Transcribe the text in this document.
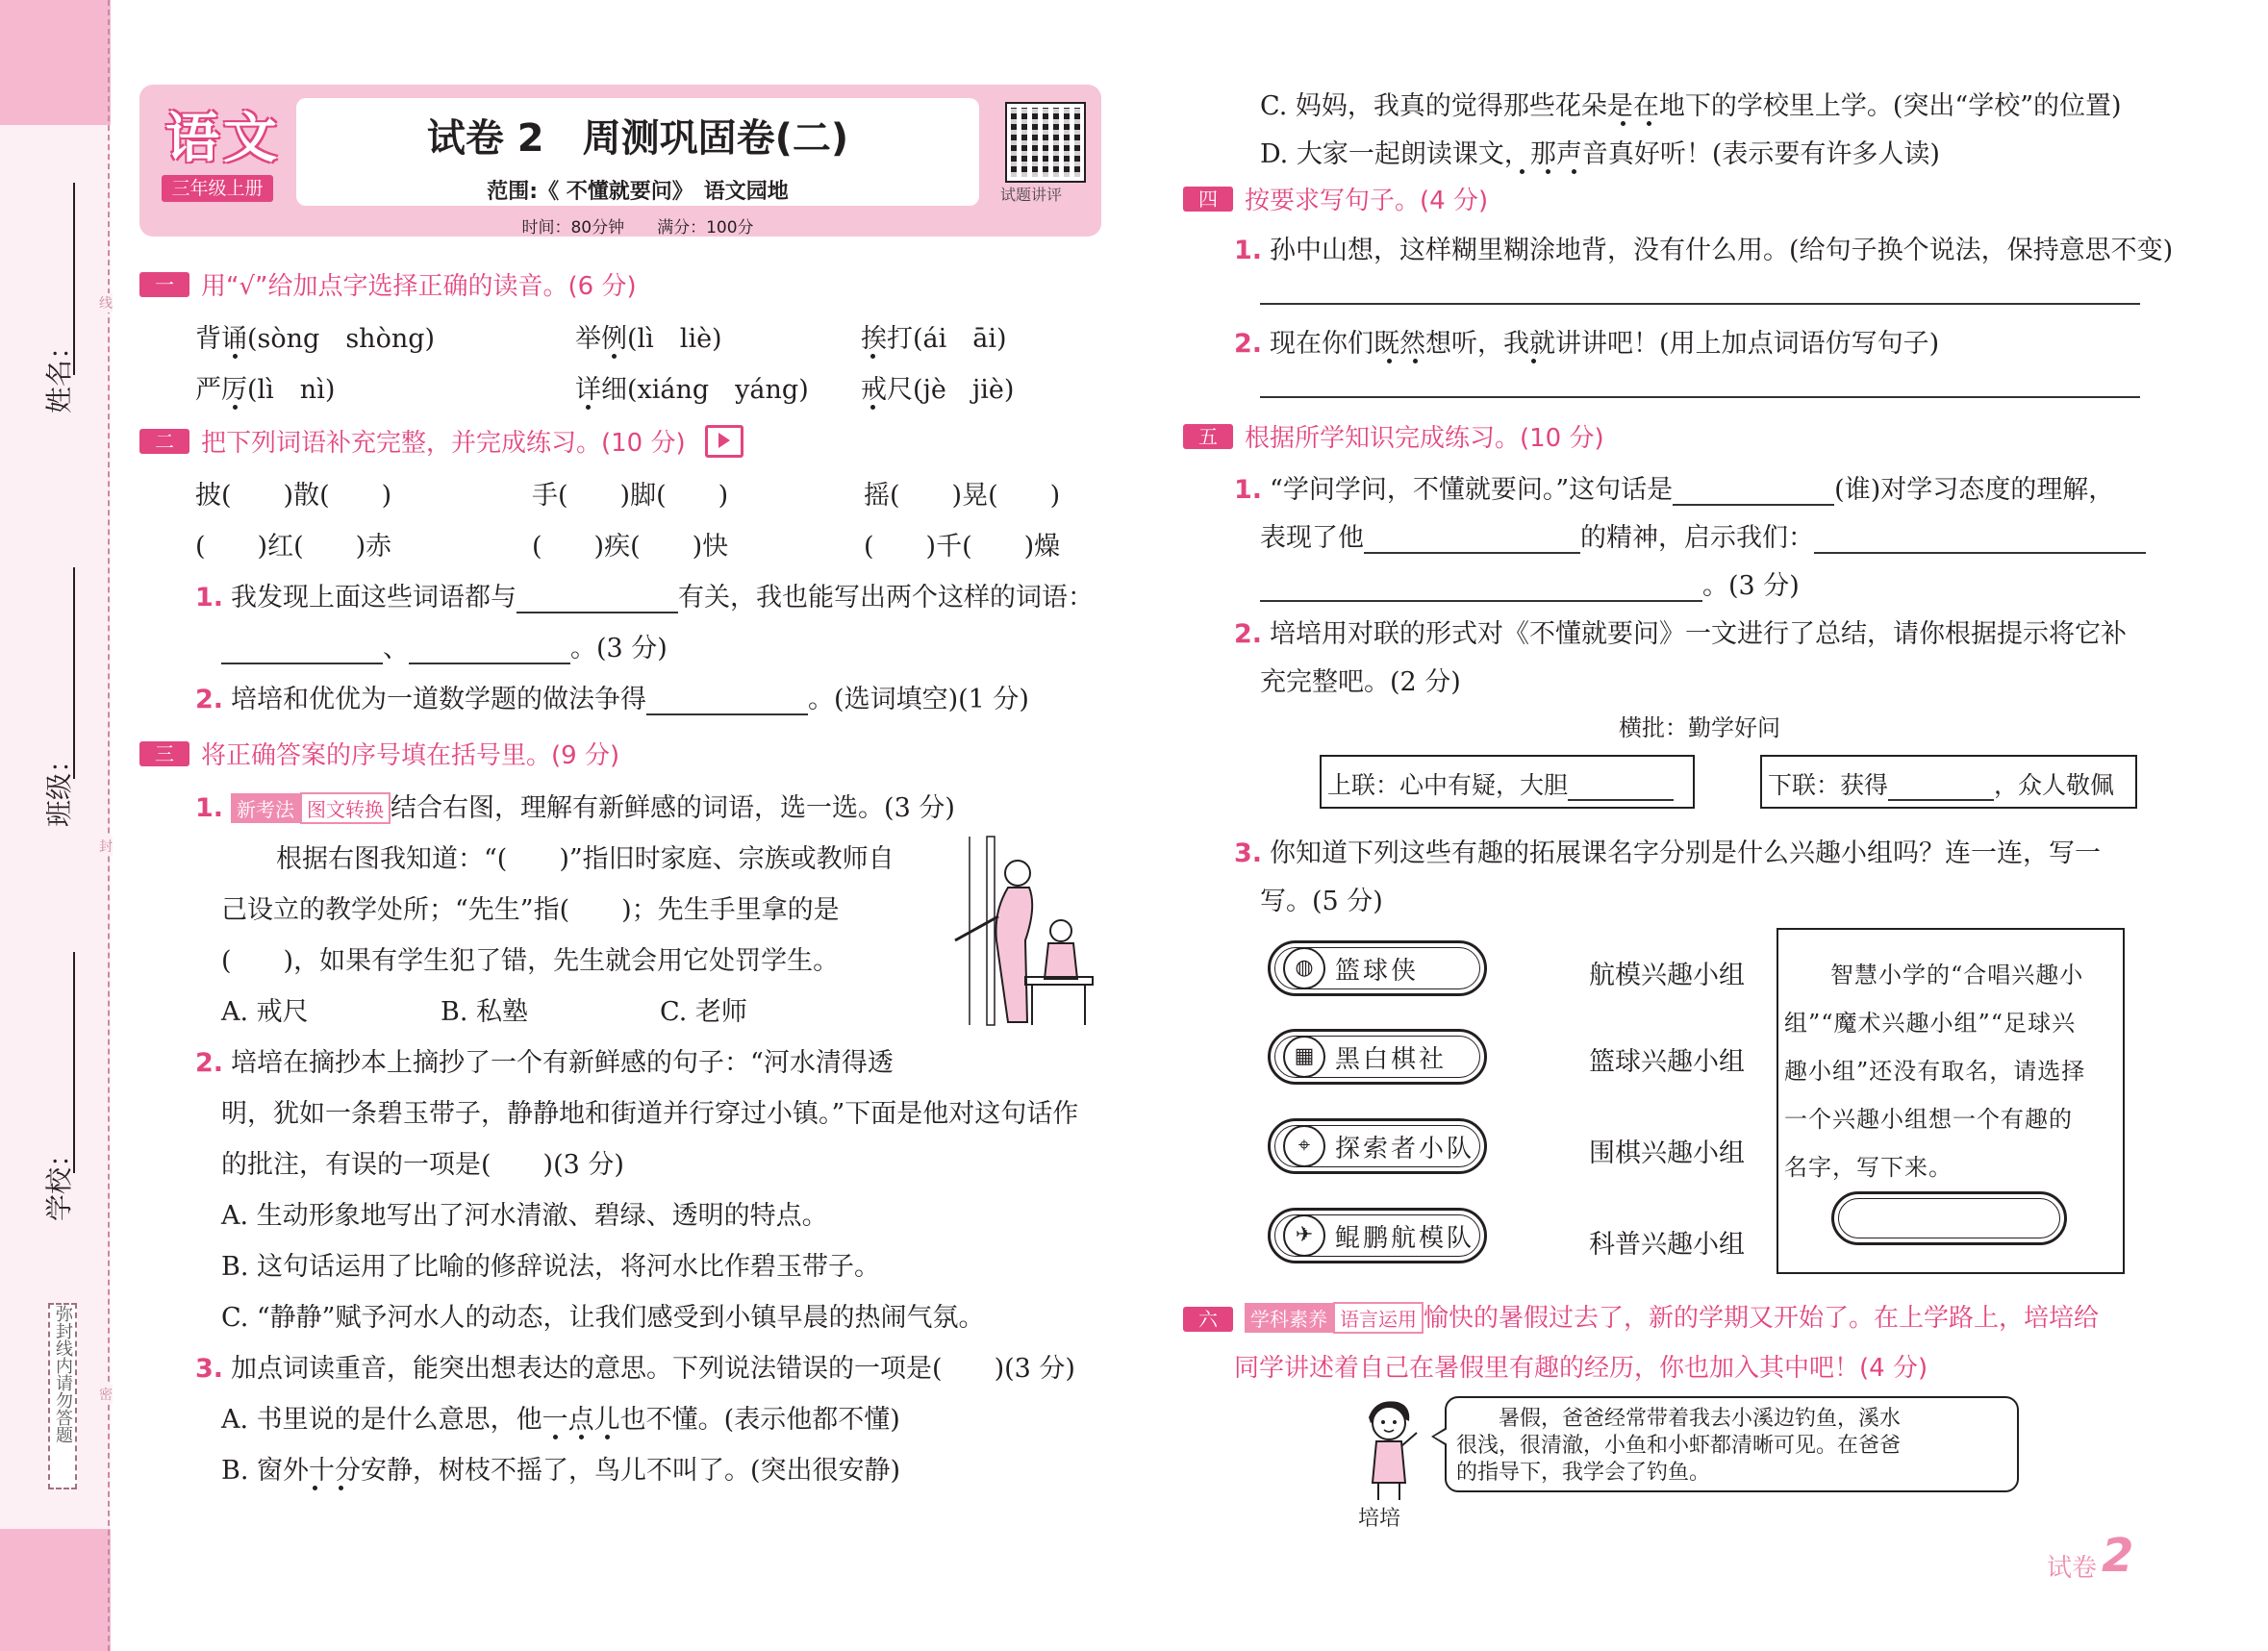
线
封
密
姓名：
班级：
学校：
弥封线内请勿答题
语文
三年级上册
试卷 2　周测巩固卷(二)
范围:《 不懂就要问》　语文园地
时间：80分钟　　满分：100分
试题讲评
一	用“√”给加点字选择正确的读音。(6 分)
背诵(sòng　shòng)	举例(lì　liè)	挨打(ái　āi)
严厉(lì　nì)	详细(xiáng　yáng) 戒尺(jè　jiè)
二	把下列词语补充完整，并完成练习。(10 分)
披(　　)散(　　)	手(　　)脚(　　)	摇(　　)晃(　　)
(　　)红(　　)赤	(　　)疾(　　)快	(　　)千(　　)燥
1. 我发现上面这些词语都与	有关，我也能写出两个这样的词语：
、	。(3 分)
2. 培培和优优为一道数学题的做法争得	。(选词填空)(1 分)
三	将正确答案的序号填在括号里。(9 分)
1. 新考法 图文转换 结合右图，理解有新鲜感的词语，选一选。(3 分)
根据右图我知道：“(　　)”指旧时家庭、宗族或教师自
己设立的教学处所；“先生”指(　　)；先生手里拿的是
(　　)，如果有学生犯了错，先生就会用它处罚学生。
A. 戒尺	B. 私塾	C. 老师
2. 培培在摘抄本上摘抄了一个有新鲜感的句子：“河水清得透
明，犹如一条碧玉带子，静静地和街道并行穿过小镇。”下面是他对这句话作
的批注，有误的一项是(　　)(3 分)
A. 生动形象地写出了河水清澈、碧绿、透明的特点。
B. 这句话运用了比喻的修辞说法，将河水比作碧玉带子。
C. “静静”赋予河水人的动态，让我们感受到小镇早晨的热闹气氛。
3. 加点词读重音，能突出想表达的意思。下列说法错误的一项是(　　)(3 分)
A. 书里说的是什么意思，他一点儿也不懂。(表示他都不懂)
B. 窗外十分安静，树枝不摇了，鸟儿不叫了。(突出很安静)
C. 妈妈，我真的觉得那些花朵是在地下的学校里上学。(突出“学校”的位置)
D. 大家一起朗读课文，那声音真好听！(表示要有许多人读)
四	按要求写句子。(4 分)
1. 孙中山想，这样糊里糊涂地背，没有什么用。(给句子换个说法，保持意思不变)
2. 现在你们既然想听，我就讲讲吧！(用上加点词语仿写句子)
五	根据所学知识完成练习。(10 分)
1. “学问学问，不懂就要问。”这句话是	(谁)对学习态度的理解，
表现了他	的精神，启示我们：
。(3 分)
2. 培培用对联的形式对《不懂就要问》一文进行了总结，请你根据提示将它补
充完整吧。(2 分)
横批：勤学好问
上联：心中有疑，大胆	下联：获得	，众人敬佩
3. 你知道下列这些有趣的拓展课名字分别是什么兴趣小组吗？连一连，写一
写。(5 分)
◍ 篮球侠
▦ 黑白棋社
⌖ 探索者小队
✈ 鲲鹏航模队
航模兴趣小组
篮球兴趣小组
围棋兴趣小组
科普兴趣小组
智慧小学的“合唱兴趣小
组”“魔术兴趣小组”“足球兴
趣小组”还没有取名，请选择
一个兴趣小组想一个有趣的
名字，写下来。
六 学科素养 语言运用 愉快的暑假过去了，新的学期又开始了。在上学路上，培培给
同学讲述着自己在暑假里有趣的经历，你也加入其中吧！(4 分)
培培
　　暑假，爸爸经常带着我去小溪边钓鱼，溪水
很浅，很清澈，小鱼和小虾都清晰可见。在爸爸
的指导下，我学会了钓鱼。
试卷 2
